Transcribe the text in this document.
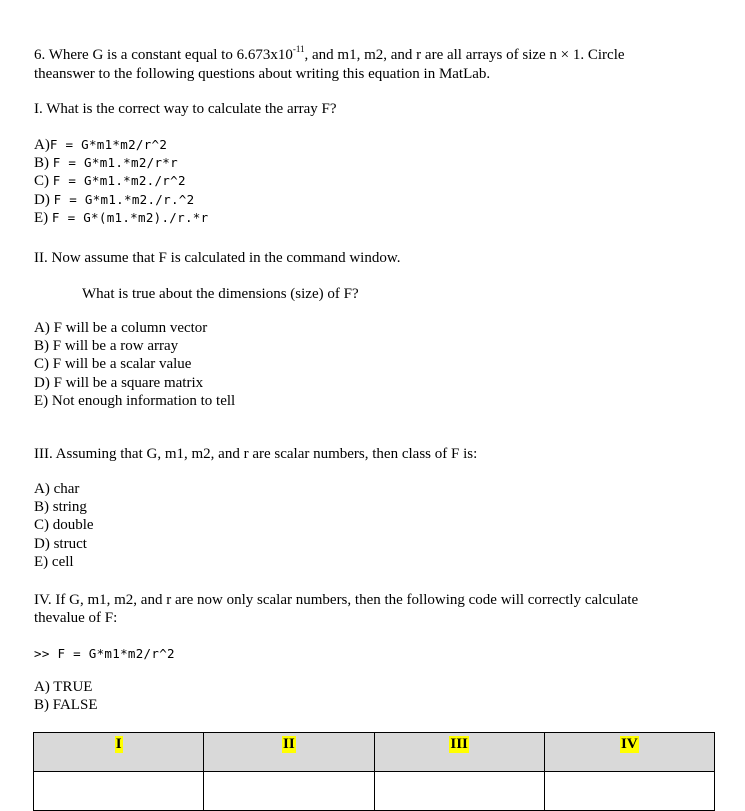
6. Where G is a constant equal to $6.673x10^{-11}$, and m1, m2, and r are all arrays of size n × 1. Circle
theanswer to the following questions about writing this equation in MatLab.
I. What is the correct way to calculate the array F?
A)F = G*m1*m2/r^2
B) F = G*m1.*m2/r*r
C) F = G*m1.*m2./r^2
D) F = G*m1.*m2./r.^2
E) F = G*(m1.*m2)./r.*r
II. Now assume that F is calculated in the command window.
What is true about the dimensions (size) of F?
A) F will be a column vector
B) F will be a row array
C) F will be a scalar value
D) F will be a square matrix
E) Not enough information to tell
III. Assuming that G, m1, m2, and r are scalar numbers, then class of F is:
A) char
B) string
C) double
D) struct
E) cell
IV. If G, m1, m2, and r are now only scalar numbers, then the following code will correctly calculate
thevalue of F:
>> F = G*m1*m2/r^2
A) TRUE
B) FALSE
I	II	III	IV
